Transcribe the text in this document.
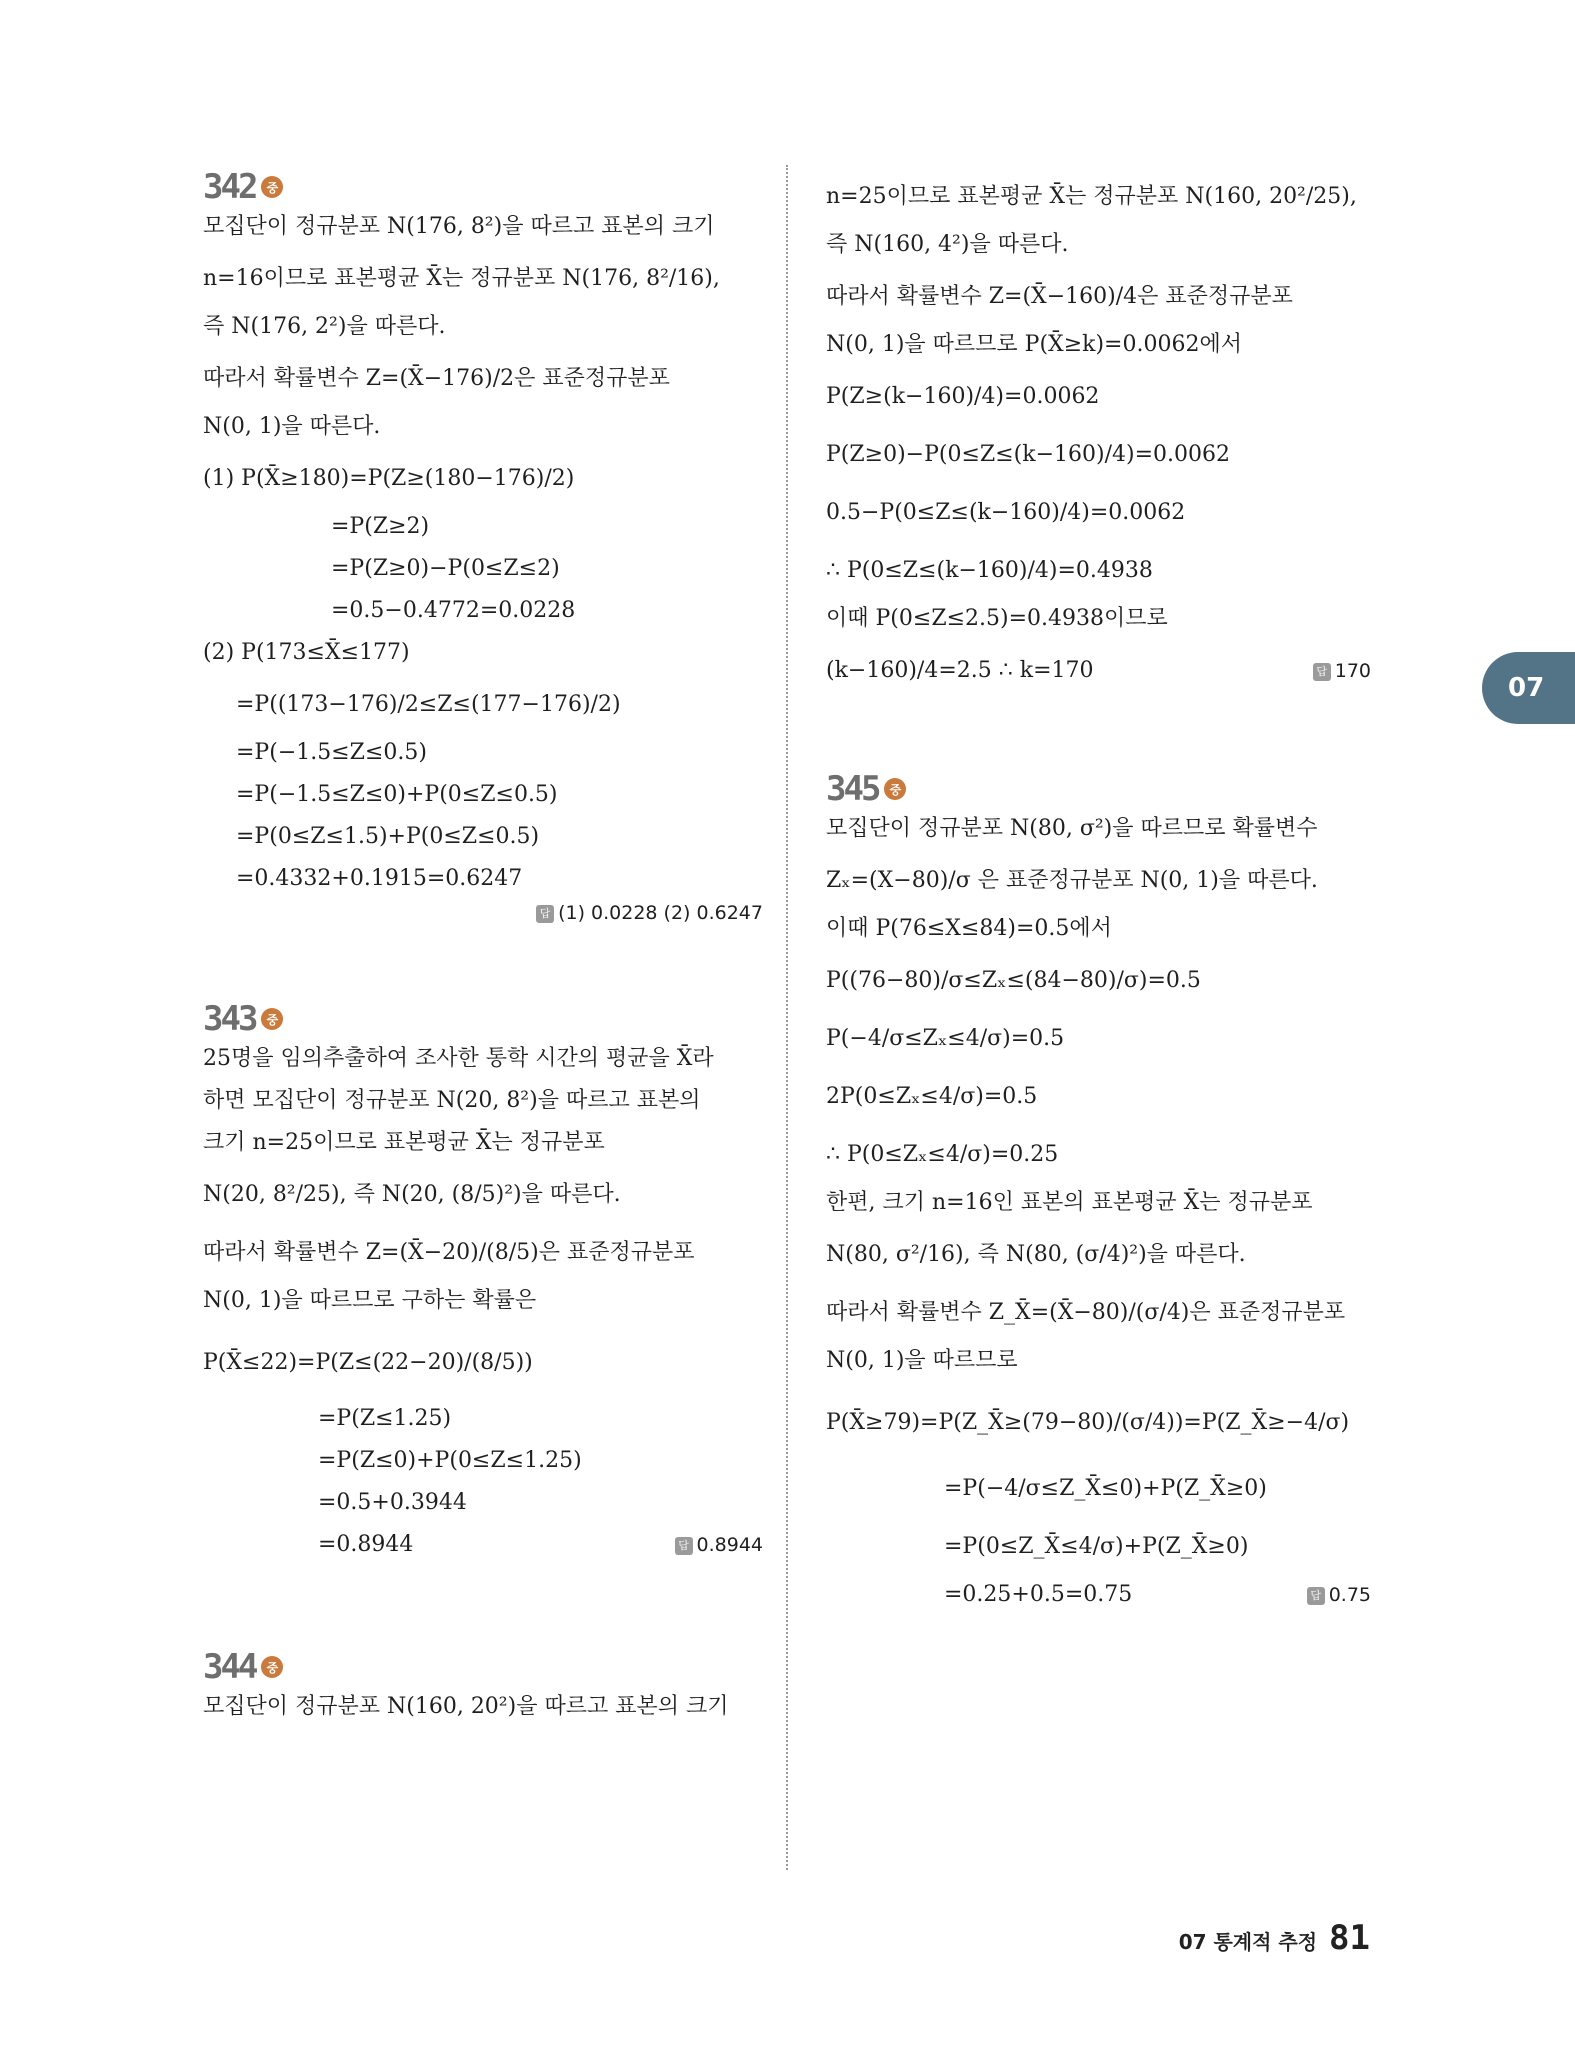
342 중
모집단이 정규분포 N(176, 8²)을 따르고 표본의 크기
n=16이므로 표본평균 X̄는 정규분포 N(176, 8²/16),
즉 N(176, 2²)을 따른다.
따라서 확률변수 Z=(X̄−176)/2은 표준정규분포
N(0, 1)을 따른다.
(1) P(X̄≥180)=P(Z≥(180−176)/2)
=P(Z≥2)
=P(Z≥0)−P(0≤Z≤2)
=0.5−0.4772=0.0228
(2) P(173≤X̄≤177)
=P((173−176)/2≤Z≤(177−176)/2)
=P(−1.5≤Z≤0.5)
=P(−1.5≤Z≤0)+P(0≤Z≤0.5)
=P(0≤Z≤1.5)+P(0≤Z≤0.5)
=0.4332+0.1915=0.6247
답 (1) 0.0228 (2) 0.6247
343 중
25명을 임의추출하여 조사한 통학 시간의 평균을 X̄라
하면 모집단이 정규분포 N(20, 8²)을 따르고 표본의
크기 n=25이므로 표본평균 X̄는 정규분포
N(20, 8²/25), 즉 N(20, (8/5)²)을 따른다.
따라서 확률변수 Z=(X̄−20)/(8/5)은 표준정규분포
N(0, 1)을 따르므로 구하는 확률은
P(X̄≤22)=P(Z≤(22−20)/(8/5))
=P(Z≤1.25)
=P(Z≤0)+P(0≤Z≤1.25)
=0.5+0.3944
=0.8944	답 0.8944
344 중
모집단이 정규분포 N(160, 20²)을 따르고 표본의 크기
n=25이므로 표본평균 X̄는 정규분포 N(160, 20²/25),
즉 N(160, 4²)을 따른다.
따라서 확률변수 Z=(X̄−160)/4은 표준정규분포
N(0, 1)을 따르므로 P(X̄≥k)=0.0062에서
P(Z≥(k−160)/4)=0.0062
P(Z≥0)−P(0≤Z≤(k−160)/4)=0.0062
0.5−P(0≤Z≤(k−160)/4)=0.0062
∴ P(0≤Z≤(k−160)/4)=0.4938
이때 P(0≤Z≤2.5)=0.4938이므로
(k−160)/4=2.5 ∴ k=170	답 170
345 중
모집단이 정규분포 N(80, σ²)을 따르므로 확률변수
Zₓ=(X−80)/σ 은 표준정규분포 N(0, 1)을 따른다.
이때 P(76≤X≤84)=0.5에서
P((76−80)/σ≤Zₓ≤(84−80)/σ)=0.5
P(−4/σ≤Zₓ≤4/σ)=0.5
2P(0≤Zₓ≤4/σ)=0.5
∴ P(0≤Zₓ≤4/σ)=0.25
한편, 크기 n=16인 표본의 표본평균 X̄는 정규분포
N(80, σ²/16), 즉 N(80, (σ/4)²)을 따른다.
따라서 확률변수 Z_X̄=(X̄−80)/(σ/4)은 표준정규분포
N(0, 1)을 따르므로
P(X̄≥79)=P(Z_X̄≥(79−80)/(σ/4))=P(Z_X̄≥−4/σ)
=P(−4/σ≤Z_X̄≤0)+P(Z_X̄≥0)
=P(0≤Z_X̄≤4/σ)+P(Z_X̄≥0)
=0.25+0.5=0.75	답 0.75
07
07 통계적 추정 81
